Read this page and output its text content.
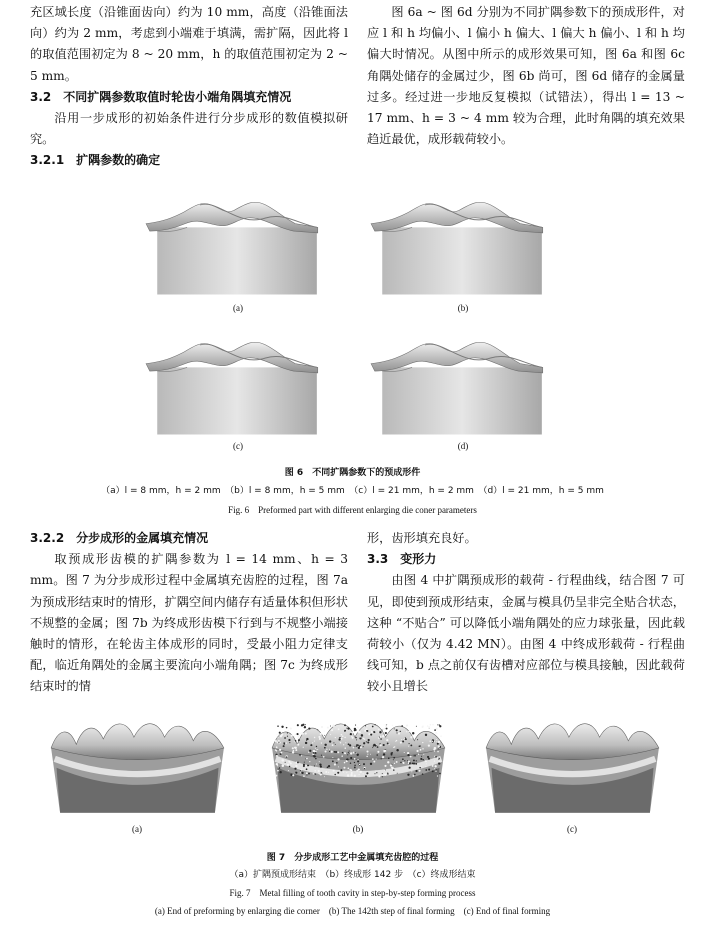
充区域长度（沿锥面齿向）约为 10 mm，高度（沿锥面法向）约为 2 mm，考虑到小端难于填满，需扩隔，因此将 l 的取值范围初定为 8 ~ 20 mm，h 的取值范围初定为 2 ~ 5 mm。

3.2　不同扩隅参数取值时轮齿小端角隅填充情况

沿用一步成形的初始条件进行分步成形的数值模拟研究。

3.2.1　扩隅参数的确定

图 6a ~ 图 6d 分别为不同扩隅参数下的预成形件，对应 l 和 h 均偏小、l 偏小 h 偏大、l 偏大 h 偏小、l 和 h 均偏大时情况。从图中所示的成形效果可知，图 6a 和图 6c 角隅处储存的金属过少，图 6b 尚可，图 6d 储存的金属量过多。经过进一步地反复模拟（试错法），得出 l = 13 ~ 17 mm、h = 3 ~ 4 mm 较为合理，此时角隅的填充效果趋近最优，成形载荷较小。

(a)	(b)
(c)	(d)
图 6　不同扩隅参数下的预成形件
（a）l = 8 mm，h = 2 mm　（b）l = 8 mm，h = 5 mm　（c）l = 21 mm，h = 2 mm　（d）l = 21 mm，h = 5 mm
Fig. 6　Preformed part with different enlarging die coner parameters

3.2.2　分步成形的金属填充情况

取预成形齿模的扩隅参数为 l = 14 mm、h = 3 mm。图 7 为分步成形过程中金属填充齿腔的过程，图 7a 为预成形结束时的情形，扩隅空间内储存有适量体积但形状不规整的金属；图 7b 为终成形齿模下行到与不规整小端接触时的情形，在轮齿主体成形的同时，受最小阻力定律支配，临近角隅处的金属主要流向小端角隅；图 7c 为终成形结束时的情

形，齿形填充良好。

3.3　变形力

由图 4 中扩隅预成形的载荷 - 行程曲线，结合图 7 可见，即使到预成形结束，金属与模具仍呈非完全贴合状态，这种 “不贴合” 可以降低小端角隅处的应力球张量，因此载荷较小（仅为 4.42 MN）。由图 4 中终成形载荷 - 行程曲线可知，b 点之前仅有齿槽对应部位与模具接触，因此载荷较小且增长

(a)	(b)	(c)
图 7　分步成形工艺中金属填充齿腔的过程
（a）扩隅预成形结束　（b）终成形 142 步　（c）终成形结束
Fig. 7　Metal filling of tooth cavity in step-by-step forming process
(a) End of preforming by enlarging die corner　(b) The 142th step of final forming　(c) End of final forming
